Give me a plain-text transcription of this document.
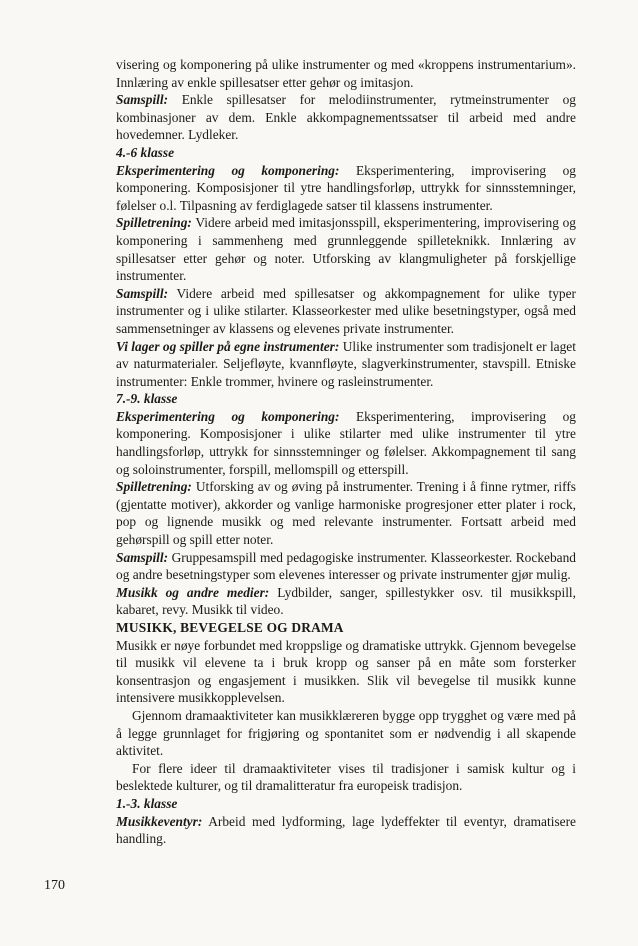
visering og komponering på ulike instrumenter og med «kroppens instrumentarium». Innlæring av enkle spillesatser etter gehør og imitasjon.

Samspill: Enkle spillesatser for melodiinstrumenter, rytmeinstrumenter og kombinasjoner av dem. Enkle akkompagnementssatser til arbeid med andre hovedemner. Lydleker.

4.-6 klasse

Eksperimentering og komponering: Eksperimentering, improvisering og komponering. Komposisjoner til ytre handlingsforløp, uttrykk for sinnsstemninger, følelser o.l. Tilpasning av ferdiglagede satser til klassens instrumenter.

Spilletrening: Videre arbeid med imitasjonsspill, eksperimentering, improvisering og komponering i sammenheng med grunnleggende spilleteknikk. Innlæring av spillesatser etter gehør og noter. Utforsking av klangmuligheter på forskjellige instrumenter.

Samspill: Videre arbeid med spillesatser og akkompagnement for ulike typer instrumenter og i ulike stilarter. Klasseorkester med ulike besetningstyper, også med sammensetninger av klassens og elevenes private instrumenter.

Vi lager og spiller på egne instrumenter: Ulike instrumenter som tradisjonelt er laget av naturmaterialer. Seljefløyte, kvannfløyte, slagverkinstrumenter, stavspill. Etniske instrumenter: Enkle trommer, hvinere og rasleinstrumenter.

7.-9. klasse

Eksperimentering og komponering: Eksperimentering, improvisering og komponering. Komposisjoner i ulike stilarter med ulike instrumenter til ytre handlingsforløp, uttrykk for sinnsstemninger og følelser. Akkompagnement til sang og soloinstrumenter, forspill, mellomspill og etterspill.

Spilletrening: Utforsking av og øving på instrumenter. Trening i å finne rytmer, riffs (gjentatte motiver), akkorder og vanlige harmoniske progresjoner etter plater i rock, pop og lignende musikk og med relevante instrumenter. Fortsatt arbeid med gehørspill og spill etter noter.

Samspill: Gruppesamspill med pedagogiske instrumenter. Klasseorkester. Rockeband og andre besetningstyper som elevenes interesser og private instrumenter gjør mulig.

Musikk og andre medier: Lydbilder, sanger, spillestykker osv. til musikkspill, kabaret, revy. Musikk til video.

MUSIKK, BEVEGELSE OG DRAMA

Musikk er nøye forbundet med kroppslige og dramatiske uttrykk. Gjennom bevegelse til musikk vil elevene ta i bruk kropp og sanser på en måte som forsterker konsentrasjon og engasjement i musikken. Slik vil bevegelse til musikk kunne intensivere musikkopplevelsen.

Gjennom dramaaktiviteter kan musikklæreren bygge opp trygghet og være med på å legge grunnlaget for frigjøring og spontanitet som er nødvendig i all skapende aktivitet.

For flere ideer til dramaaktiviteter vises til tradisjoner i samisk kultur og i beslektede kulturer, og til dramalitteratur fra europeisk tradisjon.

1.-3. klasse

Musikkeventyr: Arbeid med lydforming, lage lydeffekter til eventyr, dramatisere handling.

170
